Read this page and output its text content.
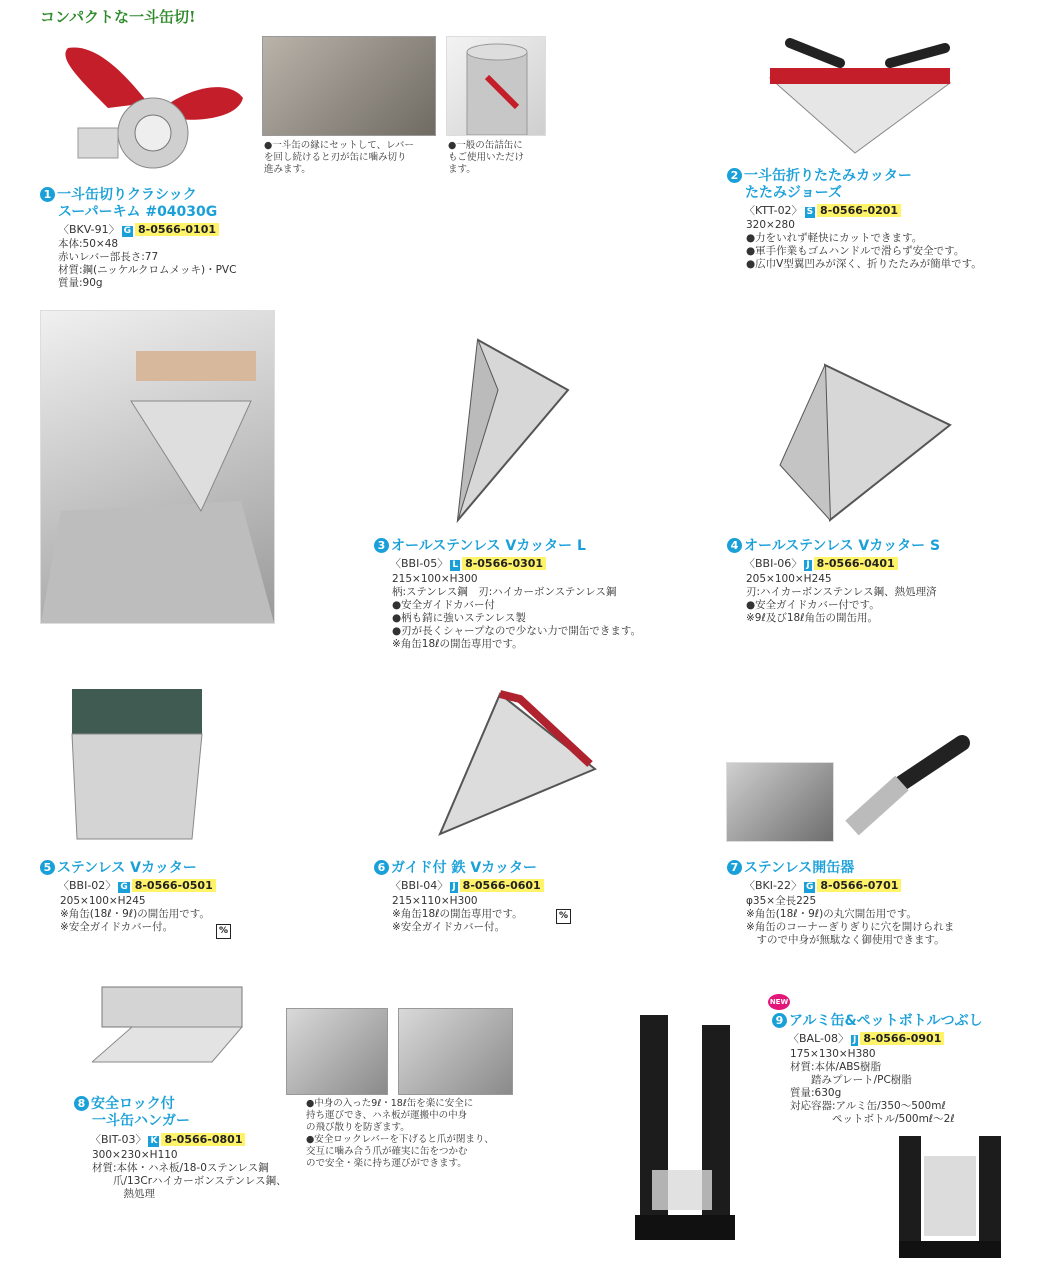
コンパクトな一斗缶切!
●一斗缶の縁にセットして、レバー
を回し続けると刃が缶に噛み切り
進みます。
●一般の缶詰缶に
もご使用いただけ
ます。
1 一斗缶切りクラシック
スーパーキム #04030G
〈BKV-91〉 G 8-0566-0101
本体:50×48
赤いレバー部長さ:77
材質:鋼(ニッケルクロムメッキ)・PVC
質量:90g
2 一斗缶折りたたみカッター
たたみジョーズ
〈KTT-02〉 S 8-0566-0201
320×280
●力をいれず軽快にカットできます。
●軍手作業もゴムハンドルで滑らず安全です。
●広巾V型翼凹みが深く、折りたたみが簡単です。
3 オールステンレス Vカッター L
〈BBI-05〉 L 8-0566-0301
215×100×H300
柄:ステンレス鋼　刃:ハイカーボンステンレス鋼
●安全ガイドカバー付
●柄も錆に強いステンレス製
●刃が長くシャープなので少ない力で開缶できます。
※角缶18ℓの開缶専用です。
4 オールステンレス Vカッター S
〈BBI-06〉 J 8-0566-0401
205×100×H245
刃:ハイカーボンステンレス鋼、熱処理済
●安全ガイドカバー付です。
※9ℓ及び18ℓ角缶の開缶用。
5 ステンレス Vカッター
〈BBI-02〉 G 8-0566-0501
205×100×H245
※角缶(18ℓ・9ℓ)の開缶用です。
※安全ガイドカバー付。	%
6 ガイド付 鉄 Vカッター
〈BBI-04〉 J 8-0566-0601
215×110×H300
※角缶18ℓの開缶専用です。
※安全ガイドカバー付。
%
7 ステンレス開缶器
〈BKI-22〉 G 8-0566-0701
φ35×全長225
※角缶(18ℓ・9ℓ)の丸穴開缶用です。
※角缶のコーナーぎりぎりに穴を開けられま
　すので中身が無駄なく御使用できます。
8 安全ロック付
一斗缶ハンガー
〈BIT-03〉 K 8-0566-0801
300×230×H110
材質:本体・ハネ板/18-0ステンレス鋼
　　爪/13Crハイカーボンステンレス鋼、
　　　熱処理
●中身の入った9ℓ・18ℓ缶を楽に安全に
持ち運びでき、ハネ板が運搬中の中身
の飛び散りを防ぎます。
●安全ロックレバーを下げると爪が閉まり、
交互に噛み合う爪が確実に缶をつかむ
ので安全・楽に持ち運びができます。
NEW
9 アルミ缶&ペットボトルつぶし
〈BAL-08〉 J 8-0566-0901
175×130×H380
材質:本体/ABS樹脂
　　踏みプレート/PC樹脂
質量:630g
対応容器:アルミ缶/350〜500mℓ
　　　　ペットボトル/500mℓ〜2ℓ
